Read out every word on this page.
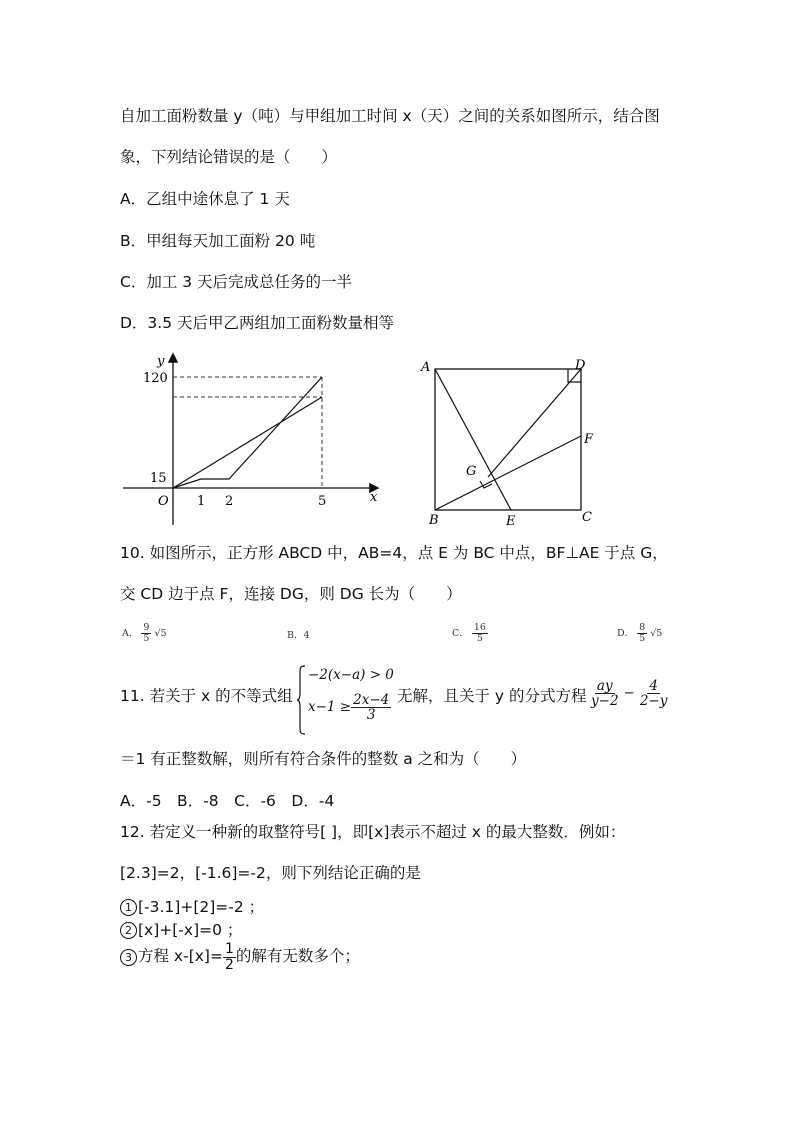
自加工面粉数量 y（吨）与甲组加工时间 x（天）之间的关系如图所示，结合图
象，下列结论错误的是（　　）
A．乙组中途休息了 1 天
B．甲组每天加工面粉 20 吨
C．加工 3 天后完成总任务的一半
D．3.5 天后甲乙两组加工面粉数量相等
y
x
O
120
15
1 2	5
A	D
F
G
B	E	C
10. 如图所示，正方形 ABCD 中，AB=4，点 E 为 BC 中点，BF⊥AE 于点 G，
交 CD 边于点 F，连接 DG，则 DG 长为（　　）
A． $\frac{9}{5} √5$	B．4	C． $\frac{16}{5}$	D． $\frac{8}{5} √5$
11. 若关于 x 的不等式组
−2(x−a) > 0
$x-1 \ge \frac{2x-4}{3}$ 无解，且关于 y 的分式方程 $\frac{ay}{y-2} - \frac{4}{2-y}$
＝1 有正整数解，则所有符合条件的整数 a 之和为（　　）
A．-5　B．-8　C．-6　D．-4
12. 若定义一种新的取整符号[ ]，即[x]表示不超过 x 的最大整数．例如：
[2.3]=2，[-1.6]=-2，则下列结论正确的是
1 [-3.1]+[2]=-2 ；
2 [x]+[-x]=0 ；
3 方程 $x-[x]= \frac{1}{2}$ 的解有无数多个；
